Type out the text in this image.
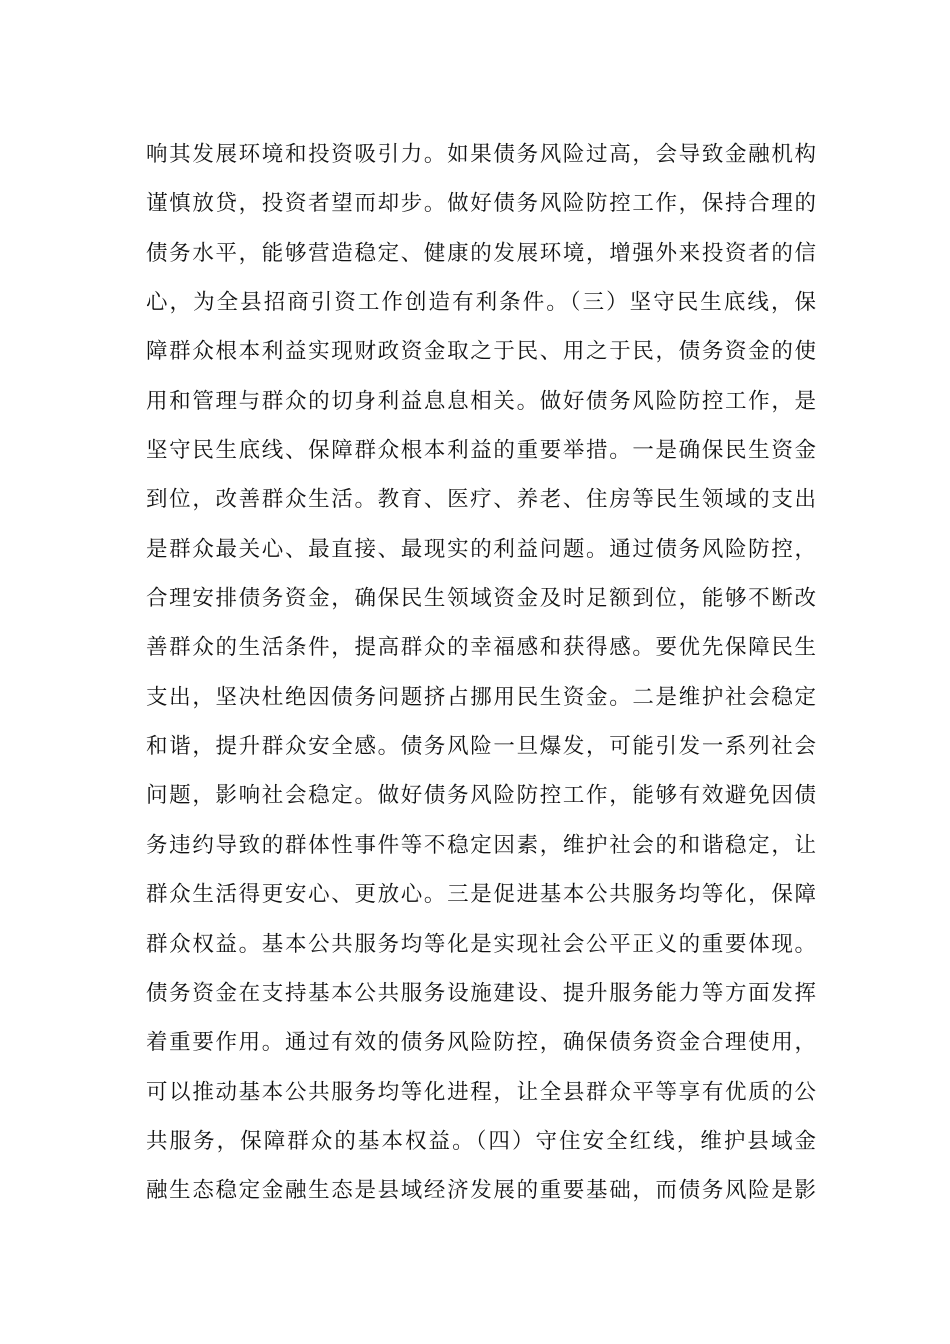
响其发展环境和投资吸引力。如果债务风险过高，会导致金融机构
谨慎放贷，投资者望而却步。做好债务风险防控工作，保持合理的
债务水平，能够营造稳定、健康的发展环境，增强外来投资者的信
心，为全县招商引资工作创造有利条件。（三）坚守民生底线，保
障群众根本利益实现财政资金取之于民、用之于民，债务资金的使
用和管理与群众的切身利益息息相关。做好债务风险防控工作，是
坚守民生底线、保障群众根本利益的重要举措。一是确保民生资金
到位，改善群众生活。教育、医疗、养老、住房等民生领域的支出
是群众最关心、最直接、最现实的利益问题。通过债务风险防控，
合理安排债务资金，确保民生领域资金及时足额到位，能够不断改
善群众的生活条件，提高群众的幸福感和获得感。要优先保障民生
支出，坚决杜绝因债务问题挤占挪用民生资金。二是维护社会稳定
和谐，提升群众安全感。债务风险一旦爆发，可能引发一系列社会
问题，影响社会稳定。做好债务风险防控工作，能够有效避免因债
务违约导致的群体性事件等不稳定因素，维护社会的和谐稳定，让
群众生活得更安心、更放心。三是促进基本公共服务均等化，保障
群众权益。基本公共服务均等化是实现社会公平正义的重要体现。
债务资金在支持基本公共服务设施建设、提升服务能力等方面发挥
着重要作用。通过有效的债务风险防控，确保债务资金合理使用，
可以推动基本公共服务均等化进程，让全县群众平等享有优质的公
共服务，保障群众的基本权益。（四）守住安全红线，维护县域金
融生态稳定金融生态是县域经济发展的重要基础，而债务风险是影
